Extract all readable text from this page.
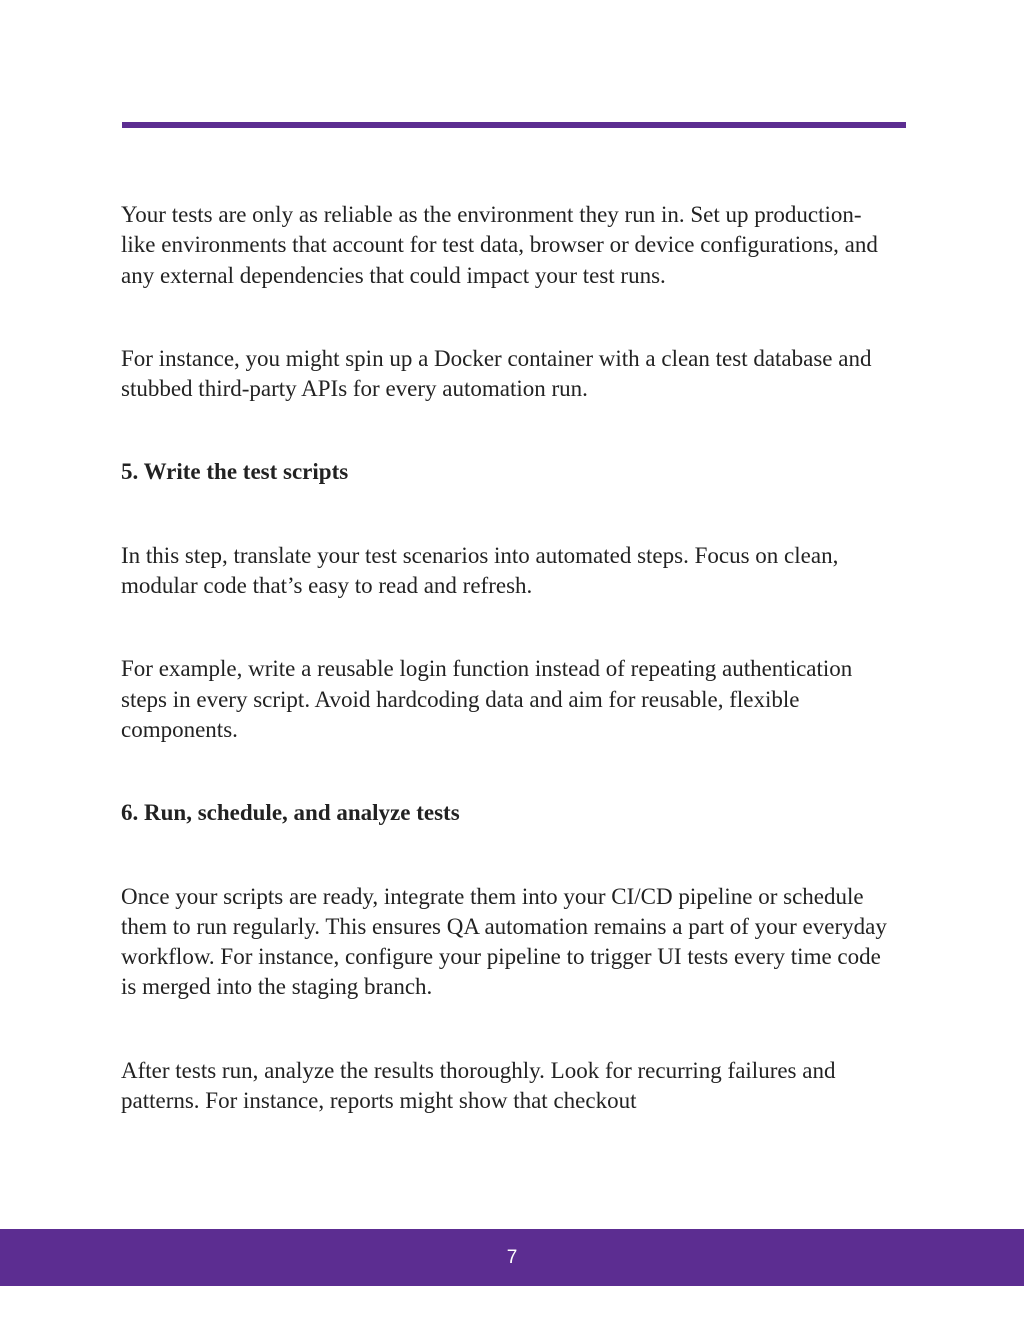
Your tests are only as reliable as the environment they run in. Set up production-like environments that account for test data, browser or device configurations, and any external dependencies that could impact your test runs.

For instance, you might spin up a Docker container with a clean test database and stubbed third-party APIs for every automation run.

5. Write the test scripts

In this step, translate your test scenarios into automated steps. Focus on clean, modular code that’s easy to read and refresh.

For example, write a reusable login function instead of repeating authentication steps in every script. Avoid hardcoding data and aim for reusable, flexible components.

6. Run, schedule, and analyze tests

Once your scripts are ready, integrate them into your CI/CD pipeline or schedule them to run regularly. This ensures QA automation remains a part of your everyday workflow. For instance, configure your pipeline to trigger UI tests every time code is merged into the staging branch.

After tests run, analyze the results thoroughly. Look for recurring failures and patterns. For instance, reports might show that checkout

7
